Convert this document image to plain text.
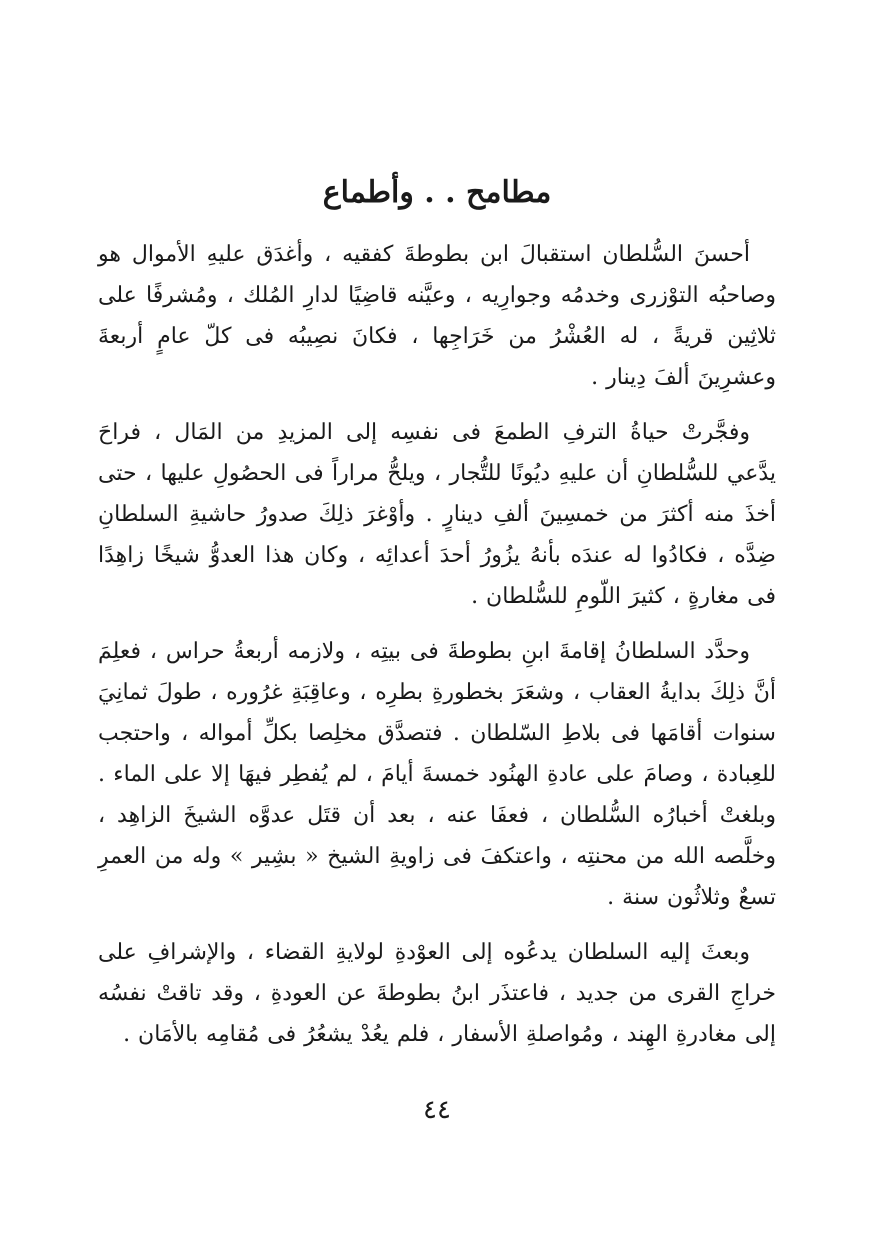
مطامح . . وأطماع

أحسنَ السُّلطان استقبالَ ابن بطوطةَ كفقيه ، وأغدَق عليهِ الأموال هو وصاحبُه التوْزرى وخدمُه وجوارِيه ، وعيَّنه قاضِيًا لدارِ المُلك ، ومُشرفًا على ثلاثِين قريةً ، له العُشْرُ من خَرَاجِها ، فكانَ نصِيبُه فى كلّ عامٍ أربعةَ وعشرِينَ ألفَ دِينار .

وفجَّرتْ حياةُ الترفِ الطمعَ فى نفسِه إلى المزيدِ من المَال ، فراحَ يدَّعي للسُّلطانِ أن عليهِ ديُونًا للتُّجار ، ويلحُّ مراراً فى الحصُولِ عليها ، حتى أخذَ منه أكثرَ من خمسِينَ ألفِ دينارٍ . وأوْغرَ ذلِكَ صدورُ حاشيةِ السلطانِ ضِدَّه ، فكادُوا له عندَه بأنهُ يزُورُ أحدَ أعدائِه ، وكان هذا العدوُّ شيخًا زاهِدًا فى مغارةٍ ، كثيرَ اللّومِ للسُّلطان .

وحدَّد السلطانُ إقامةَ ابنِ بطوطةَ فى بيتِه ، ولازمه أربعةُ حراس ، فعلِمَ أنَّ ذلِكَ بدايةُ العقاب ، وشعَرَ بخطورةِ بطرِه ، وعاقِبَةِ غرُوره ، طولَ ثمانِيَ سنوات أقامَها فى بلاطِ السّلطان . فتصدَّق مخلِصا بكلِّ أمواله ، واحتجب للعِبادة ، وصامَ على عادةِ الهنُود خمسةَ أيامَ ، لم يُفطِر فيهَا إلا على الماء . وبلغتْ أخبارُه السُّلطان ، فعفَا عنه ، بعد أن قتَل عدوَّه الشيخَ الزاهِد ، وخلَّصه الله من محنتِه ، واعتكفَ فى زاويةِ الشيخ « بشِير » وله من العمرِ تسعٌ وثلاثُون سنة .

وبعثَ إليه السلطان يدعُوه إلى العوْدةِ لولايةِ القضاء ، والإشرافِ على خراجِ القرى من جديد ، فاعتذَر ابنُ بطوطةَ عن العودةِ ، وقد تاقتْ نفسُه إلى مغادرةِ الهِند ، ومُواصلةِ الأسفار ، فلم يعُدْ يشعُرُ فى مُقامِه بالأمَان .

٤٤
